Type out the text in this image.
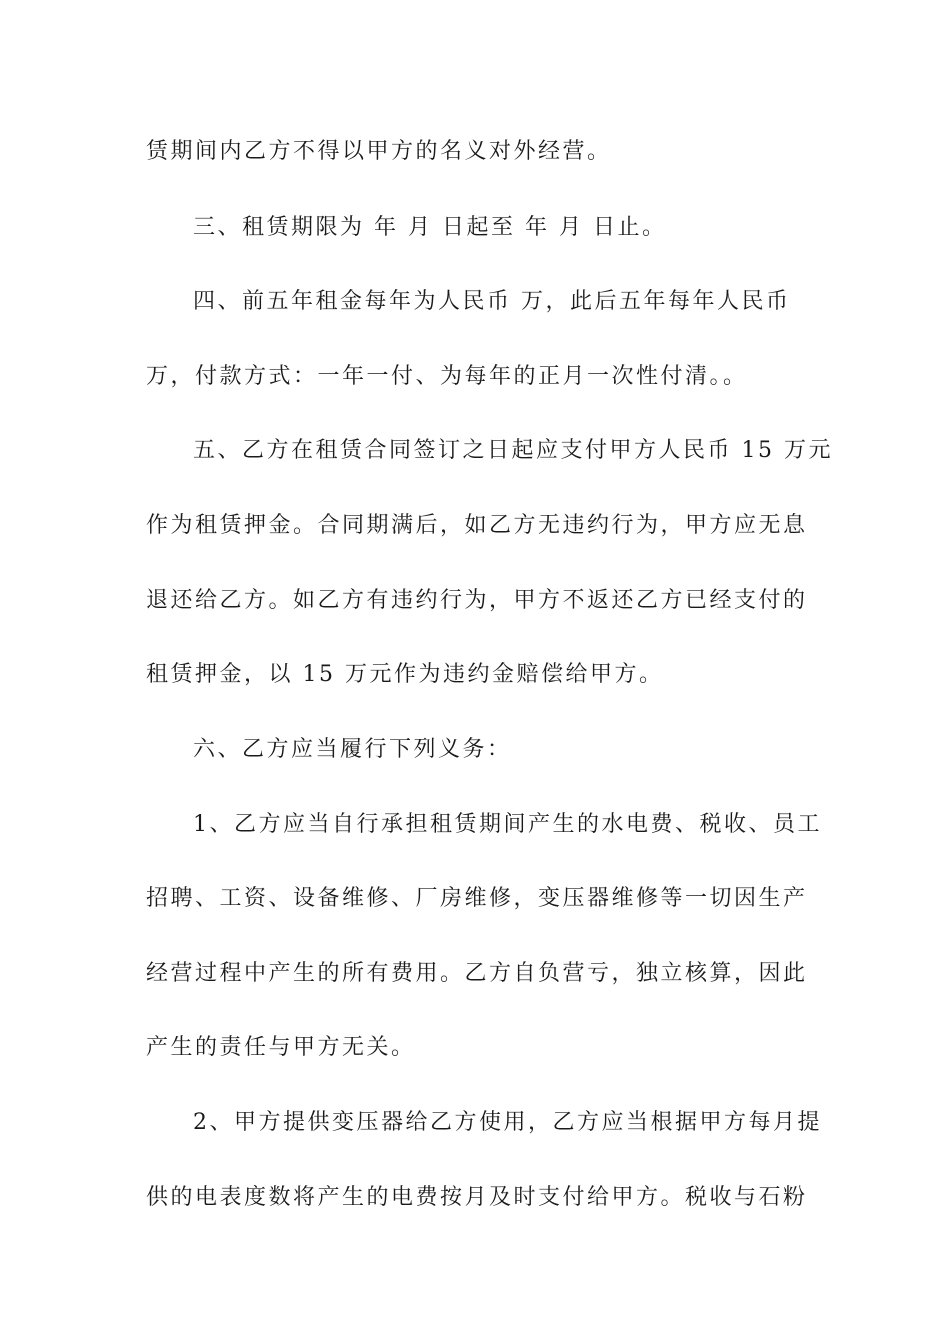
赁期间内乙方不得以甲方的名义对外经营。
三、租赁期限为 年 月 日起至 年 月 日止。
四、前五年租金每年为人民币 万，此后五年每年人民币
万，付款方式：一年一付、为每年的正月一次性付清。。
五、乙方在租赁合同签订之日起应支付甲方人民币 15 万元
作为租赁押金。合同期满后，如乙方无违约行为，甲方应无息
退还给乙方。如乙方有违约行为，甲方不返还乙方已经支付的
租赁押金，以 15 万元作为违约金赔偿给甲方。
六、乙方应当履行下列义务：
1、乙方应当自行承担租赁期间产生的水电费、税收、员工
招聘、工资、设备维修、厂房维修，变压器维修等一切因生产
经营过程中产生的所有费用。乙方自负营亏，独立核算，因此
产生的责任与甲方无关。
2、甲方提供变压器给乙方使用，乙方应当根据甲方每月提
供的电表度数将产生的电费按月及时支付给甲方。税收与石粉
